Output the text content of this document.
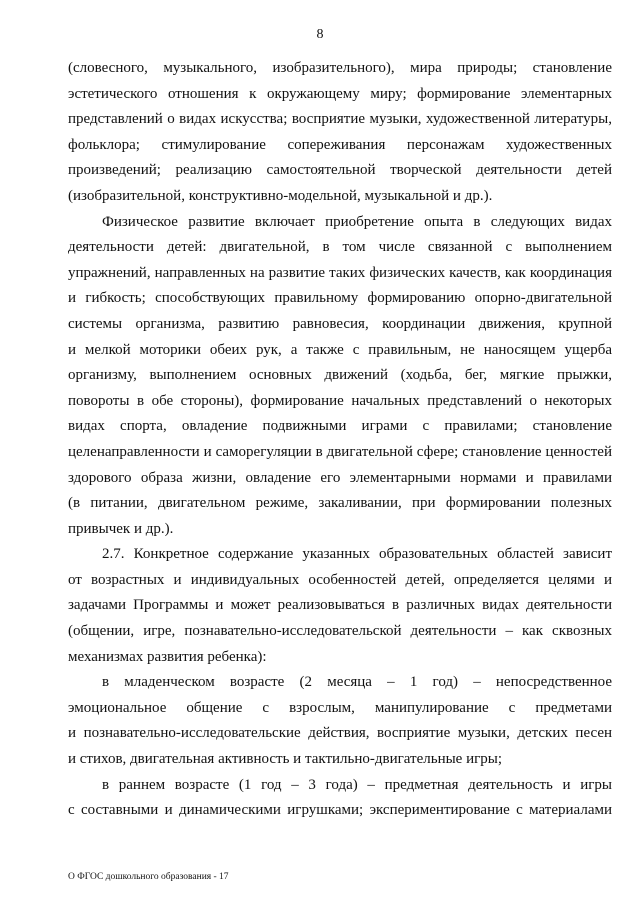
8
(словесного, музыкального, изобразительного), мира природы; становление
эстетического отношения к окружающему миру; формирование элементарных
представлений о видах искусства; восприятие музыки, художественной литературы,
фольклора; стимулирование сопереживания персонажам художественных
произведений; реализацию самостоятельной творческой деятельности детей
(изобразительной, конструктивно-модельной, музыкальной и др.).
Физическое развитие включает приобретение опыта в следующих видах
деятельности детей: двигательной, в том числе связанной с выполнением
упражнений, направленных на развитие таких физических качеств, как координация
и гибкость; способствующих правильному формированию опорно-двигательной
системы организма, развитию равновесия, координации движения, крупной
и мелкой моторики обеих рук, а также с правильным, не наносящем ущерба
организму, выполнением основных движений (ходьба, бег, мягкие прыжки,
повороты в обе стороны), формирование начальных представлений о некоторых
видах спорта, овладение подвижными играми с правилами; становление
целенаправленности и саморегуляции в двигательной сфере; становление ценностей
здорового образа жизни, овладение его элементарными нормами и правилами
(в питании, двигательном режиме, закаливании, при формировании полезных
привычек и др.).
2.7. Конкретное содержание указанных образовательных областей зависит
от возрастных и индивидуальных особенностей детей, определяется целями и
задачами Программы и может реализовываться в различных видах деятельности
(общении, игре, познавательно-исследовательской деятельности – как сквозных
механизмах развития ребенка):
в младенческом возрасте (2 месяца – 1 год) – непосредственное
эмоциональное общение с взрослым, манипулирование с предметами
и познавательно-исследовательские действия, восприятие музыки, детских песен
и стихов, двигательная активность и тактильно-двигательные игры;
в раннем возрасте (1 год – 3 года) – предметная деятельность и игры
с составными и динамическими игрушками; экспериментирование с материалами
О ФГОС дошкольного образования - 17
